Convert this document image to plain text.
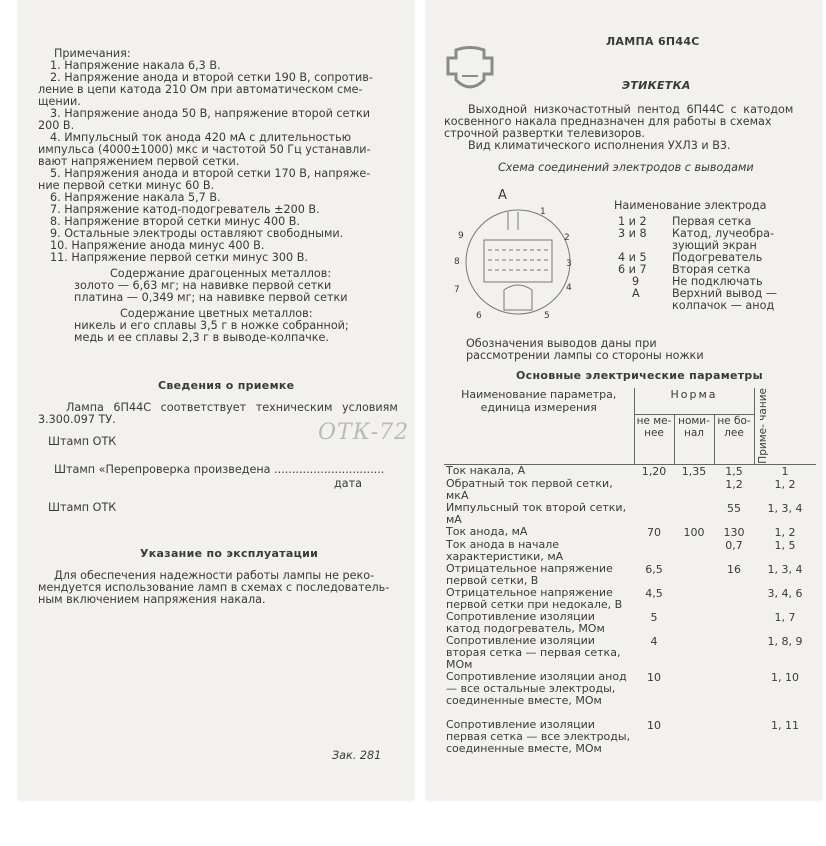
Примечания:
1. Напряжение накала 6,3 В.
2. Напряжение анода и второй сетки 190 В, сопротив-
ление в цепи катода 210 Ом при автоматическом сме-
щении.
3. Напряжение анода 50 В, напряжение второй сетки
200 В.
4. Импульсный ток анода 420 мА с длительностью
импульса (4000±1000) мкс и частотой 50 Гц устанавли-
вают напряжением первой сетки.
5. Напряжения анода и второй сетки 170 В, напряже-
ние первой сетки минус 60 В.
6. Напряжение накала 5,7 В.
7. Напряжение катод-подогреватель ±200 В.
8. Напряжение второй сетки минус 400 В.
9. Остальные электроды оставляют свободными.
10. Напряжение анода минус 400 В.
11. Напряжение первой сетки минус 300 В.
Содержание драгоценных металлов:
золото — 6,63 мг; на навивке первой сетки
платина — 0,349 мг; на навивке первой сетки
Содержание цветных металлов:
никель и его сплавы 3,5 г в ножке собранной;
медь и ее сплавы 2,3 г в выводе-колпачке.
Сведения о приемке
Лампа 6П44С соответствует техническим условиям
3.300.097 ТУ.
Штамп ОТК	ОТК-72
Штамп «Перепроверка произведена ...............................
дата
Штамп ОТК
Указание по эксплуатации
Для обеспечения надежности работы лампы не реко-
мендуется использование ламп в схемах с последователь-
ным включением напряжения накала.
Зак. 281
ЛАМПА 6П44С
ЭТИКЕТКА
Выходной низкочастотный пентод 6П44С с катодом
косвенного накала предназначен для работы в схемах
строчной развертки телевизоров.
Вид климатического исполнения УХЛ3 и В3.
Схема соединений электродов с выводами
А
1
2
3
4
5
6
7
8
9
Наименование электрода
1 и 2 Первая сетка
3 и 8 Катод, лучеобра-
зующий экран
4 и 5 Подогреватель
6 и 7 Вторая сетка
9	Не подключать
А	Верхний вывод —
колпачок — анод
Обозначения выводов даны при
рассмотрении лампы со стороны ножки
Основные электрические параметры
Наименование параметра, единица измерения	Норма			Приме- чание

	не ме- нее	номи- нал	не бо- лее	
Ток накала, А	1,20	1,35	1,5	1
Обратный ток первой сетки, мкА			1,2	1, 2
Импульсный ток второй сетки, мА			55	1, 3, 4
Ток анода, мА	70	100	130	1, 2
Ток анода в начале характеристики, мА			0,7	1, 5
Отрицательное напряжение первой сетки, В	6,5		16	1, 3, 4
Отрицательное напряжение первой сетки при недокале, В	4,5			3, 4, 6
Сопротивление изоляции катод подогреватель, МОм	5			1, 7
Сопротивление изоляции вторая сетка — первая сетка, МОм	4			1, 8, 9
Сопротивление изоляции анод — все остальные электроды, соединенные вместе, МОм	10			1, 10
Сопротивление изоляции первая сетка — все электроды, соединенные вместе, МОм	10			1, 11
